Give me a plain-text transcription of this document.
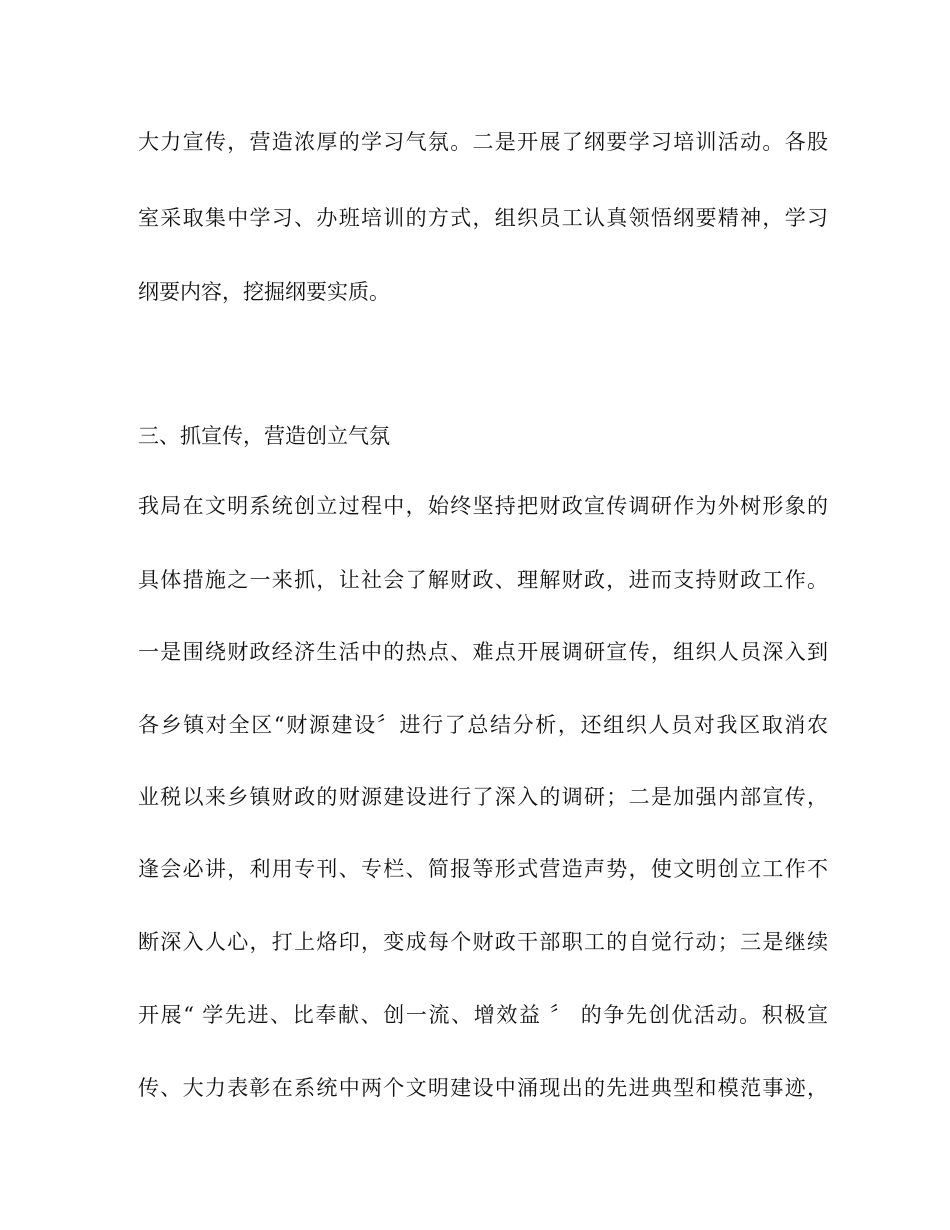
大力宣传，营造浓厚的学习气氛。二是开展了纲要学习培训活动。各股
室采取集中学习、办班培训的方式，组织员工认真领悟纲要精神，学习
纲要内容，挖掘纲要实质。
三、抓宣传，营造创立气氛
我局在文明系统创立过程中，始终坚持把财政宣传调研作为外树形象的
具体措施之一来抓，让社会了解财政、理解财政，进而支持财政工作。
一是围绕财政经济生活中的热点、难点开展调研宣传，组织人员深入到
各乡镇对全区“财源建设〞进行了总结分析，还组织人员对我区取消农
业税以来乡镇财政的财源建设进行了深入的调研；二是加强内部宣传，
逢会必讲，利用专刊、专栏、简报等形式营造声势，使文明创立工作不
断深入人心，打上烙印，变成每个财政干部职工的自觉行动；三是继续
开展“ 学先进、比奉献、创一流、增效益 〞 的争先创优活动。积极宣
传、大力表彰在系统中两个文明建设中涌现出的先进典型和模范事迹，
